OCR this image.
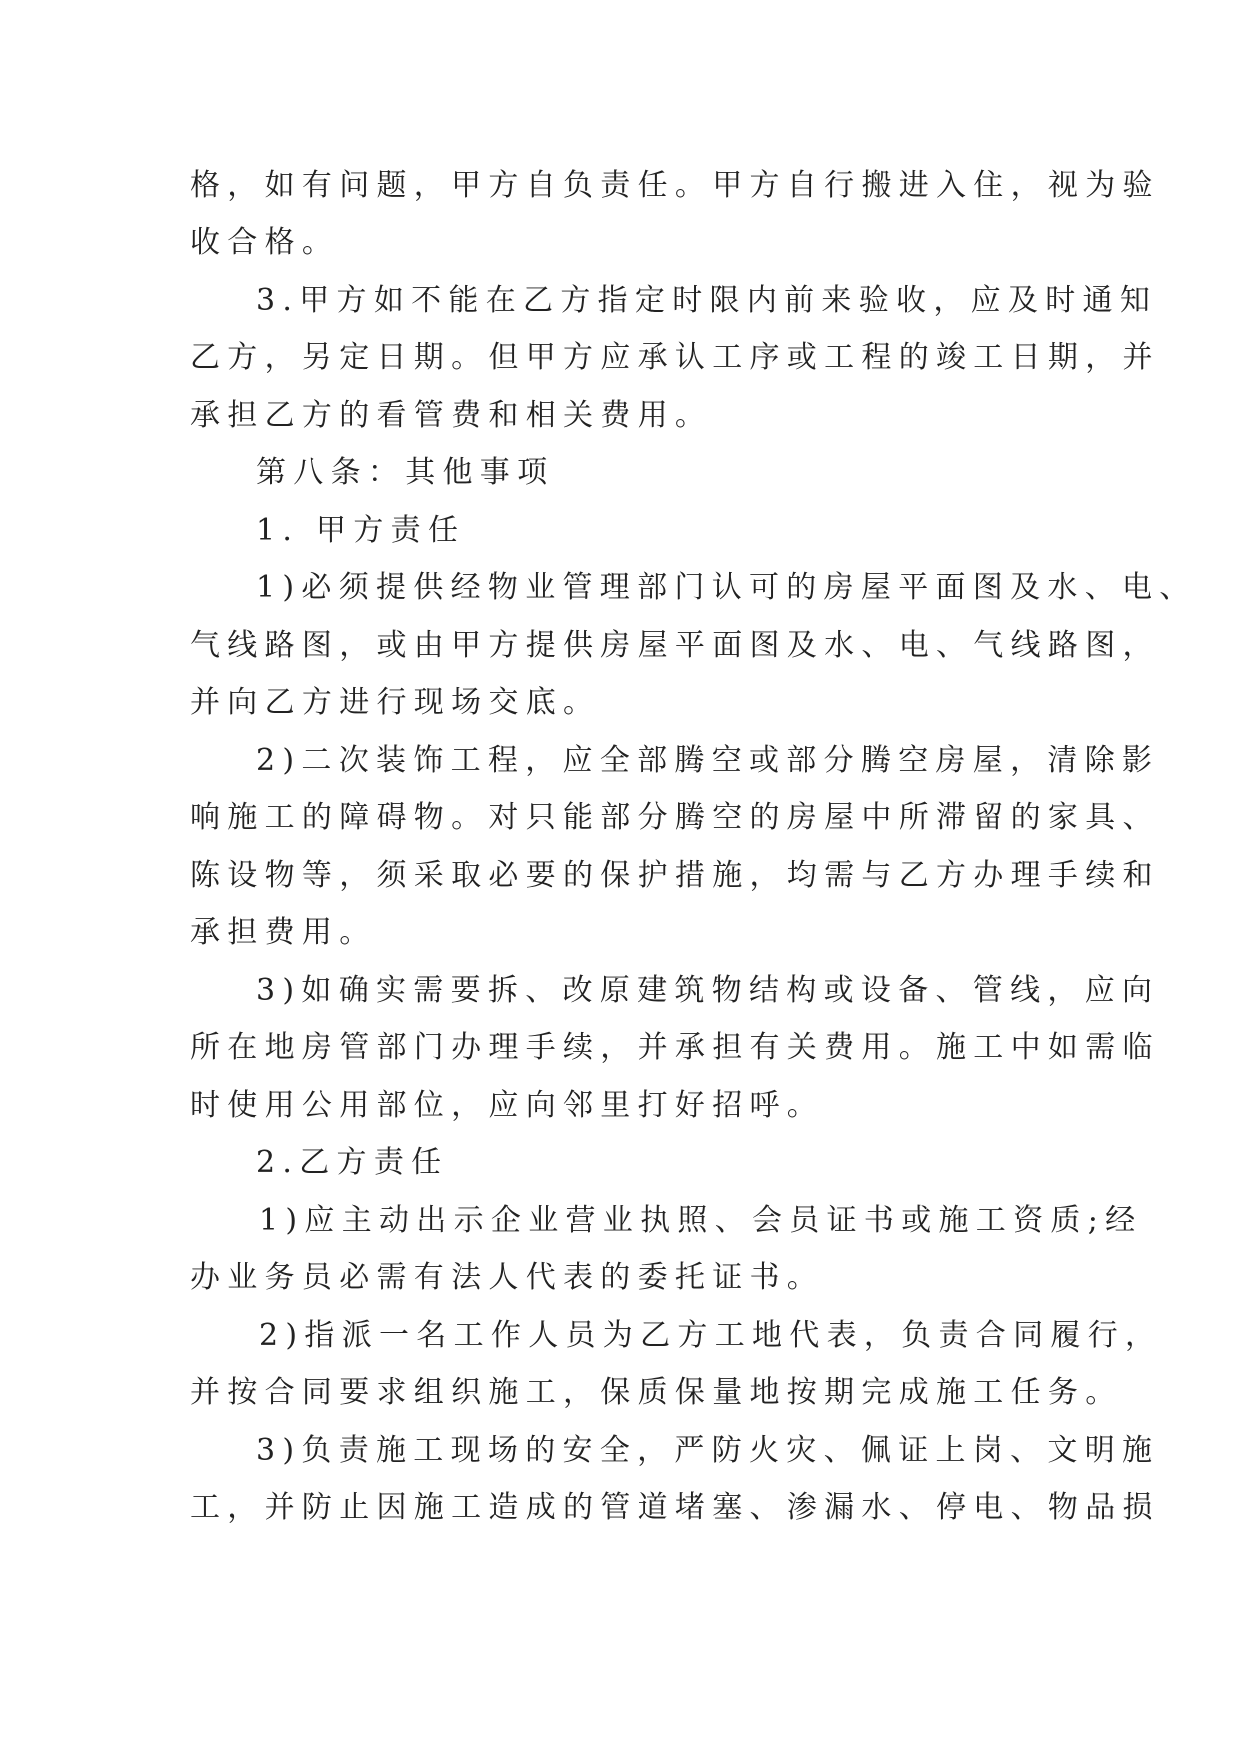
格，如有问题，甲方自负责任。甲方自行搬进入住，视为验
收合格。
3.甲方如不能在乙方指定时限内前来验收，应及时通知
乙方，另定日期。但甲方应承认工序或工程的竣工日期，并
承担乙方的看管费和相关费用。
第八条：其他事项
1. 甲方责任
1)必须提供经物业管理部门认可的房屋平面图及水、电、
气线路图，或由甲方提供房屋平面图及水、电、气线路图，
并向乙方进行现场交底。
2)二次装饰工程，应全部腾空或部分腾空房屋，清除影
响施工的障碍物。对只能部分腾空的房屋中所滞留的家具、
陈设物等，须采取必要的保护措施，均需与乙方办理手续和
承担费用。
3)如确实需要拆、改原建筑物结构或设备、管线，应向
所在地房管部门办理手续，并承担有关费用。施工中如需临
时使用公用部位，应向邻里打好招呼。
2.乙方责任
1)应主动出示企业营业执照、会员证书或施工资质;经
办业务员必需有法人代表的委托证书。
2)指派一名工作人员为乙方工地代表，负责合同履行，
并按合同要求组织施工，保质保量地按期完成施工任务。
3)负责施工现场的安全，严防火灾、佩证上岗、文明施
工，并防止因施工造成的管道堵塞、渗漏水、停电、物品损
